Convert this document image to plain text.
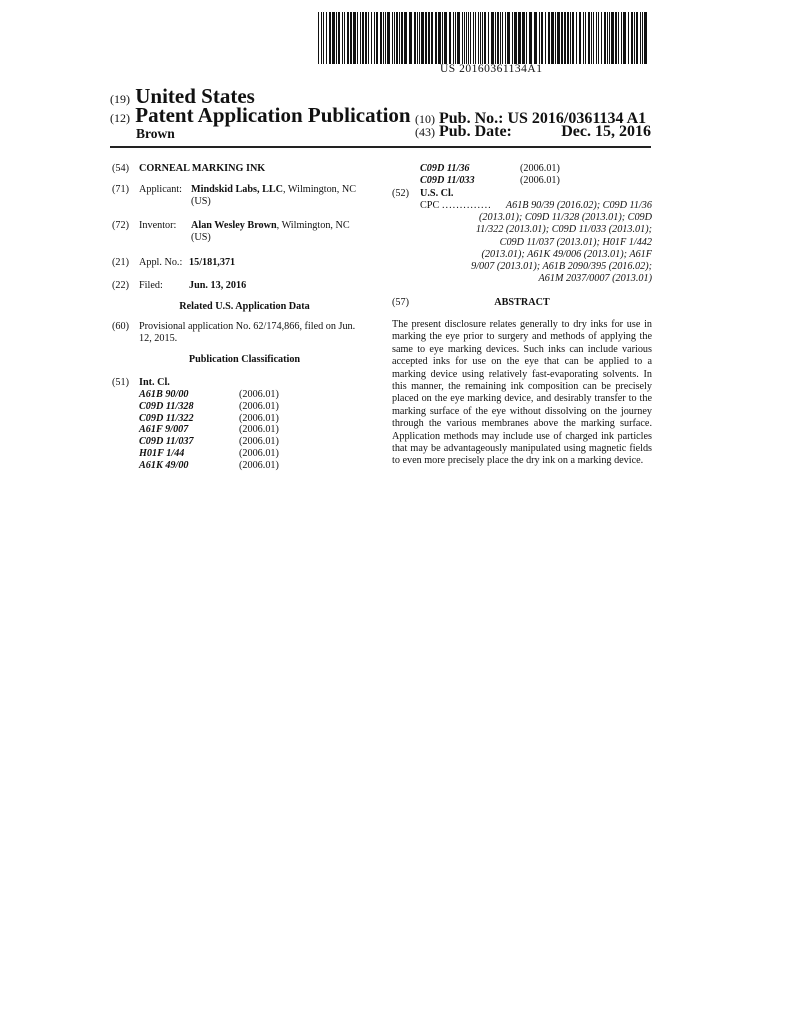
US 20160361134A1
(19) United States
(12) Patent Application Publication
Brown
(10) Pub. No.: US 2016/0361134 A1
(43) Pub. Date:	Dec. 15, 2016
(54) CORNEAL MARKING INK
(71) Applicant: Mindskid Labs, LLC, Wilmington, NC
(US)
(72) Inventor: Alan Wesley Brown, Wilmington, NC
(US)
(21) Appl. No.: 15/181,371
(22) Filed:	Jun. 13, 2016
Related U.S. Application Data
(60) Provisional application No. 62/174,866, filed on Jun.
12, 2015.
Publication Classification
(51) Int. Cl.
A61B 90/00	(2006.01)
C09D 11/328	(2006.01)
C09D 11/322	(2006.01)
A61F 9/007	(2006.01)
C09D 11/037	(2006.01)
H01F 1/44	(2006.01)
A61K 49/00	(2006.01)
C09D 11/36	(2006.01)
C09D 11/033	(2006.01)
(52) U.S. Cl.
CPC ..............	A61B 90/39 (2016.02); C09D 11/36
(2013.01); C09D 11/328 (2013.01); C09D
11/322 (2013.01); C09D 11/033 (2013.01);
C09D 11/037 (2013.01); H01F 1/442
(2013.01); A61K 49/006 (2013.01); A61F
9/007 (2013.01); A61B 2090/395 (2016.02);
A61M 2037/0007 (2013.01)
(57)	ABSTRACT
The present disclosure relates generally to dry inks for use in marking the eye prior to surgery and methods of applying the same to eye marking devices. Such inks can include various accepted inks for use on the eye that can be applied to a marking device using relatively fast-evaporating solvents. In this manner, the remaining ink composition can be precisely placed on the eye marking device, and desirably transfer to the marking surface of the eye without dissolving on the journey through the various membranes above the marking surface. Application methods may include use of charged ink particles that may be advantageously manipulated using magnetic fields to even more precisely place the dry ink on a marking device.
